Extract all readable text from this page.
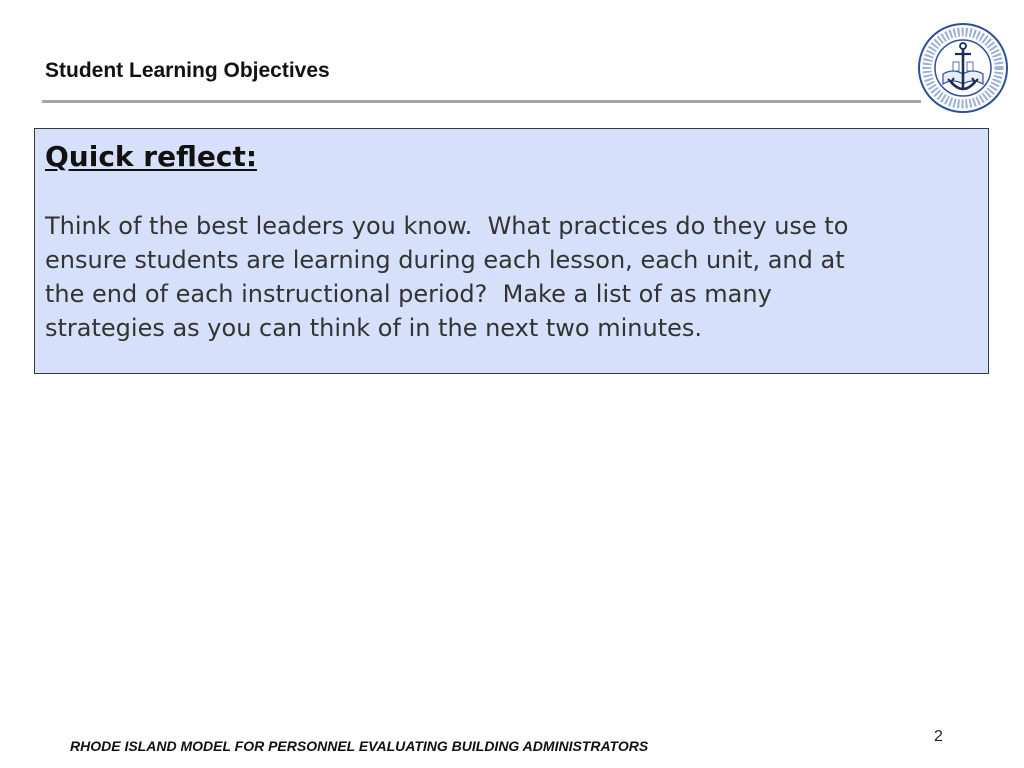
Student Learning Objectives

Quick reflect:

Think of the best leaders you know.  What practices do they use to
ensure students are learning during each lesson, each unit, and at
the end of each instructional period?  Make a list of as many
strategies as you can think of in the next two minutes.

2
RHODE ISLAND MODEL FOR PERSONNEL EVALUATING BUILDING ADMINISTRATORS
